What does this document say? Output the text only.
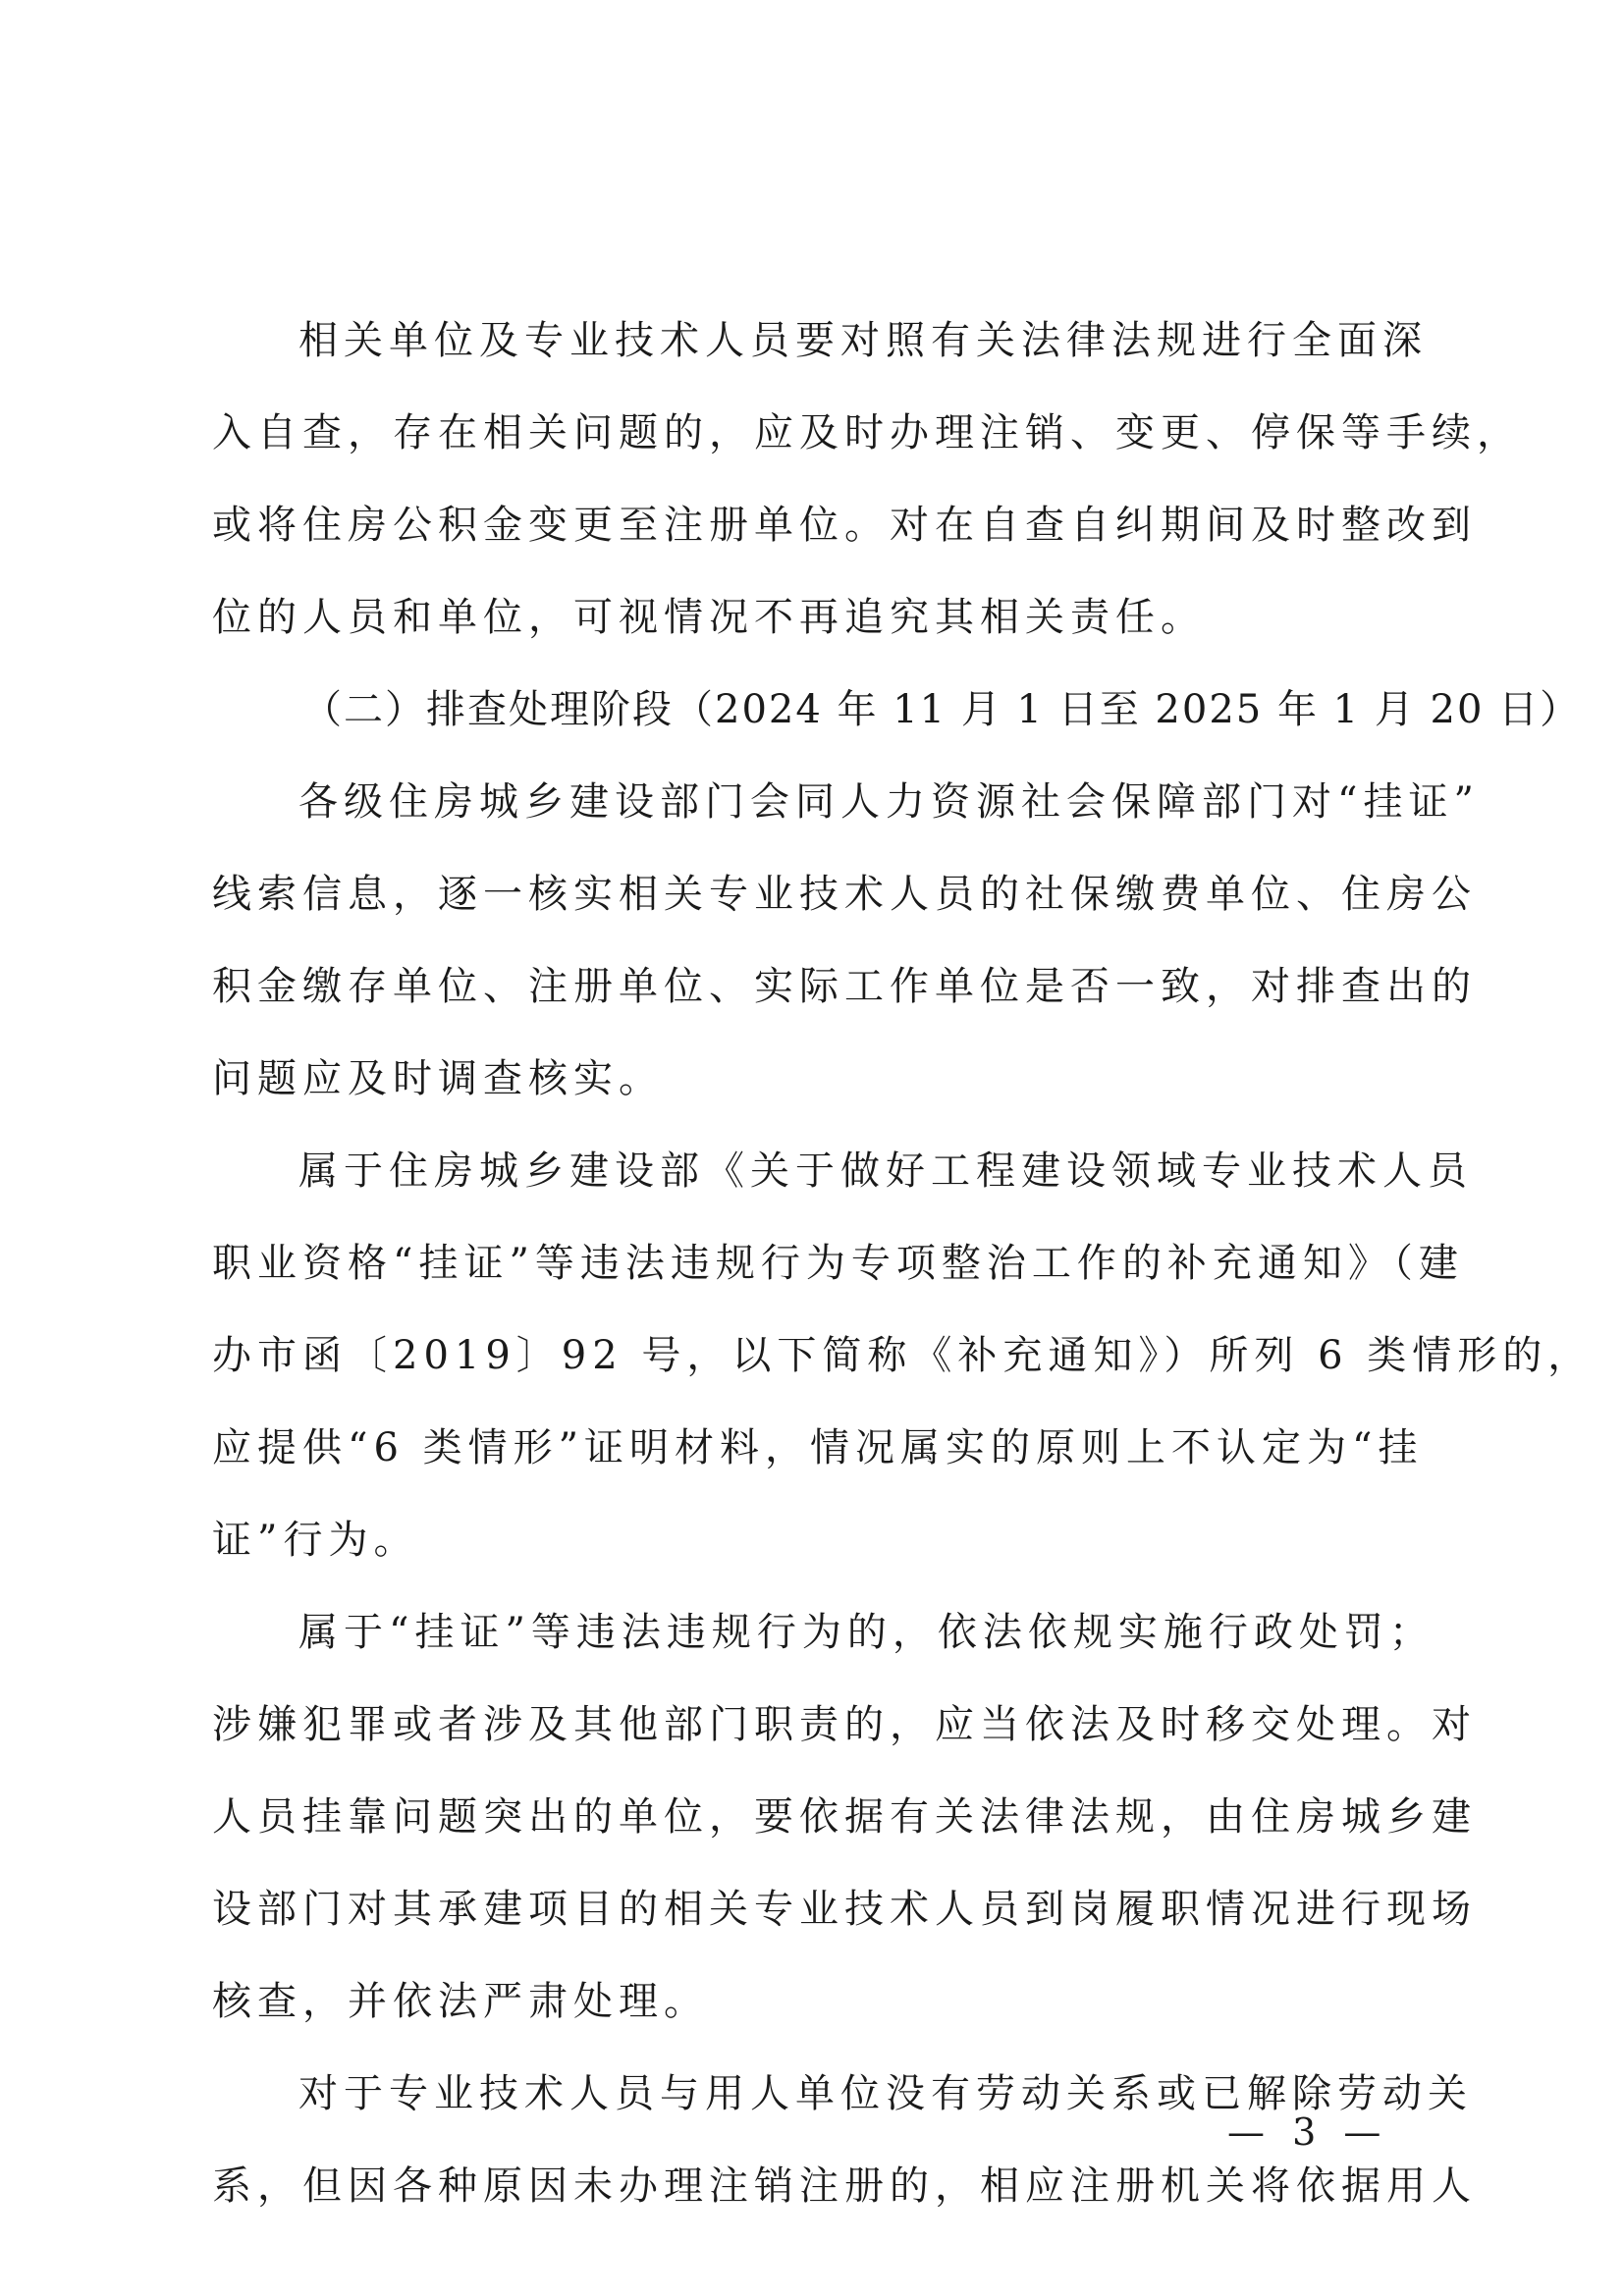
相关单位及专业技术人员要对照有关法律法规进行全面深
入自查，存在相关问题的，应及时办理注销、变更、停保等手续，
或将住房公积金变更至注册单位。对在自查自纠期间及时整改到
位的人员和单位，可视情况不再追究其相关责任。
（二）排查处理阶段（2024 年 11 月 1 日至 2025 年 1 月 20 日）
各级住房城乡建设部门会同人力资源社会保障部门对“挂证”
线索信息，逐一核实相关专业技术人员的社保缴费单位、住房公
积金缴存单位、注册单位、实际工作单位是否一致，对排查出的
问题应及时调查核实。
属于住房城乡建设部《关于做好工程建设领域专业技术人员
职业资格“挂证”等违法违规行为专项整治工作的补充通知》（建
办市函〔2019〕92 号，以下简称《补充通知》）所列 6 类情形的，
应提供“6 类情形”证明材料，情况属实的原则上不认定为“挂
证”行为。
属于“挂证”等违法违规行为的，依法依规实施行政处罚；
涉嫌犯罪或者涉及其他部门职责的，应当依法及时移交处理。对
人员挂靠问题突出的单位，要依据有关法律法规，由住房城乡建
设部门对其承建项目的相关专业技术人员到岗履职情况进行现场
核查，并依法严肃处理。
对于专业技术人员与用人单位没有劳动关系或已解除劳动关
系，但因各种原因未办理注销注册的，相应注册机关将依据用人
— 3 —
